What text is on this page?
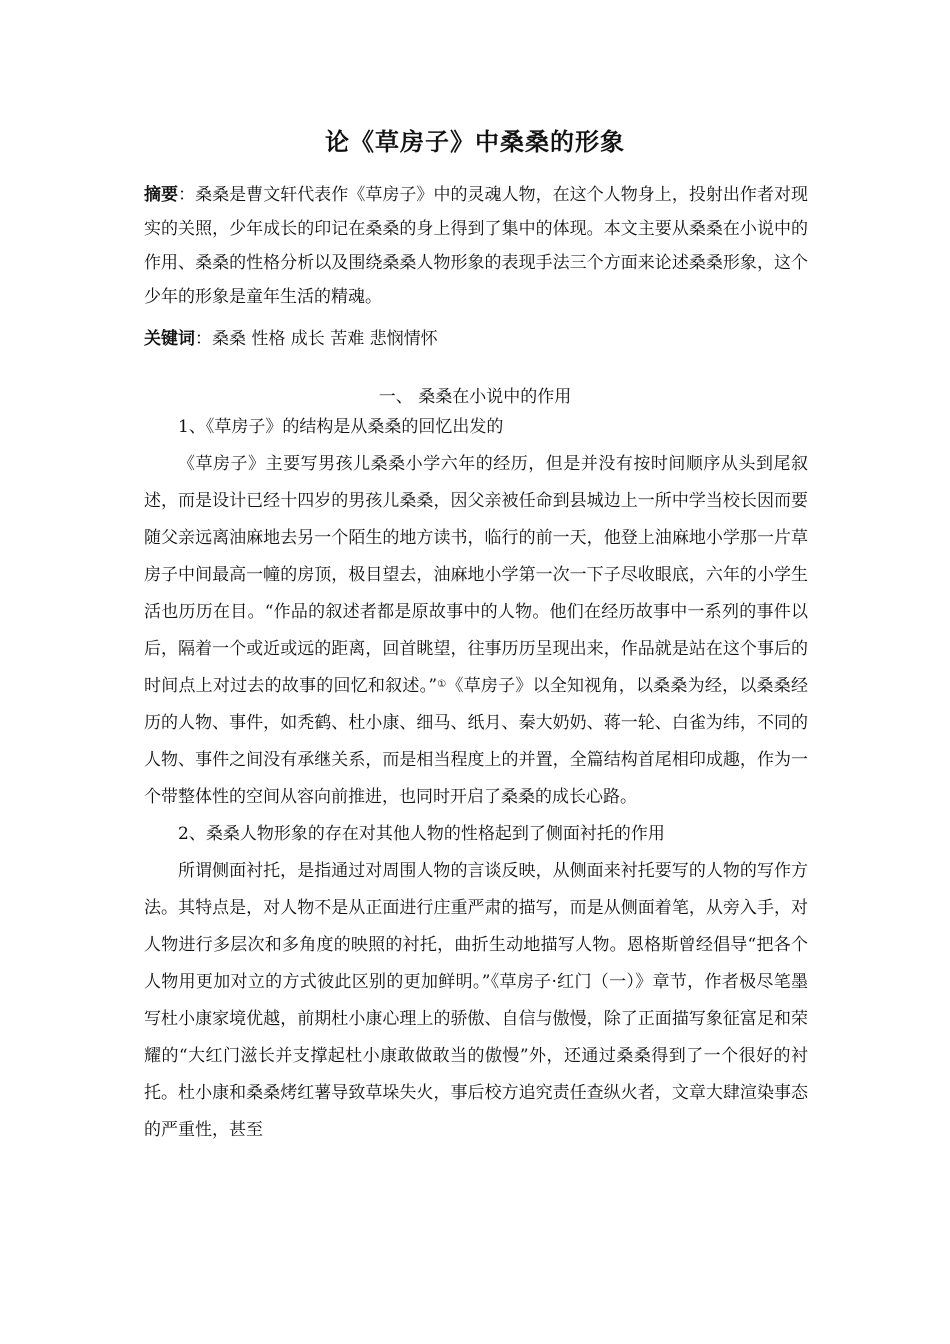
论《草房子》中桑桑的形象
摘要：桑桑是曹文轩代表作《草房子》中的灵魂人物，在这个人物身上，投射出作者对现实的关照，少年成长的印记在桑桑的身上得到了集中的体现。本文主要从桑桑在小说中的作用、桑桑的性格分析以及围绕桑桑人物形象的表现手法三个方面来论述桑桑形象，这个少年的形象是童年生活的精魂。
关键词：桑桑 性格 成长 苦难 悲悯情怀
一、 桑桑在小说中的作用

1、《草房子》的结构是从桑桑的回忆出发的

《草房子》主要写男孩儿桑桑小学六年的经历，但是并没有按时间顺序从头到尾叙述，而是设计已经十四岁的男孩儿桑桑，因父亲被任命到县城边上一所中学当校长因而要随父亲远离油麻地去另一个陌生的地方读书，临行的前一天，他登上油麻地小学那一片草房子中间最高一幢的房顶，极目望去，油麻地小学第一次一下子尽收眼底，六年的小学生活也历历在目。“作品的叙述者都是原故事中的人物。他们在经历故事中一系列的事件以后，隔着一个或近或远的距离，回首眺望，往事历历呈现出来，作品就是站在这个事后的时间点上对过去的故事的回忆和叙述。”①《草房子》以全知视角，以桑桑为经，以桑桑经历的人物、事件，如秃鹤、杜小康、细马、纸月、秦大奶奶、蒋一轮、白雀为纬，不同的人物、事件之间没有承继关系，而是相当程度上的并置，全篇结构首尾相印成趣，作为一个带整体性的空间从容向前推进，也同时开启了桑桑的成长心路。

2、桑桑人物形象的存在对其他人物的性格起到了侧面衬托的作用

所谓侧面衬托，是指通过对周围人物的言谈反映，从侧面来衬托要写的人物的写作方法。其特点是，对人物不是从正面进行庄重严肃的描写，而是从侧面着笔，从旁入手，对人物进行多层次和多角度的映照的衬托，曲折生动地描写人物。恩格斯曾经倡导“把各个人物用更加对立的方式彼此区别的更加鲜明。”《草房子·红门（一）》章节，作者极尽笔墨写杜小康家境优越，前期杜小康心理上的骄傲、自信与傲慢，除了正面描写象征富足和荣耀的“大红门滋长并支撑起杜小康敢做敢当的傲慢”外，还通过桑桑得到了一个很好的衬托。杜小康和桑桑烤红薯导致草垛失火，事后校方追究责任查纵火者，文章大肆渲染事态的严重性，甚至
